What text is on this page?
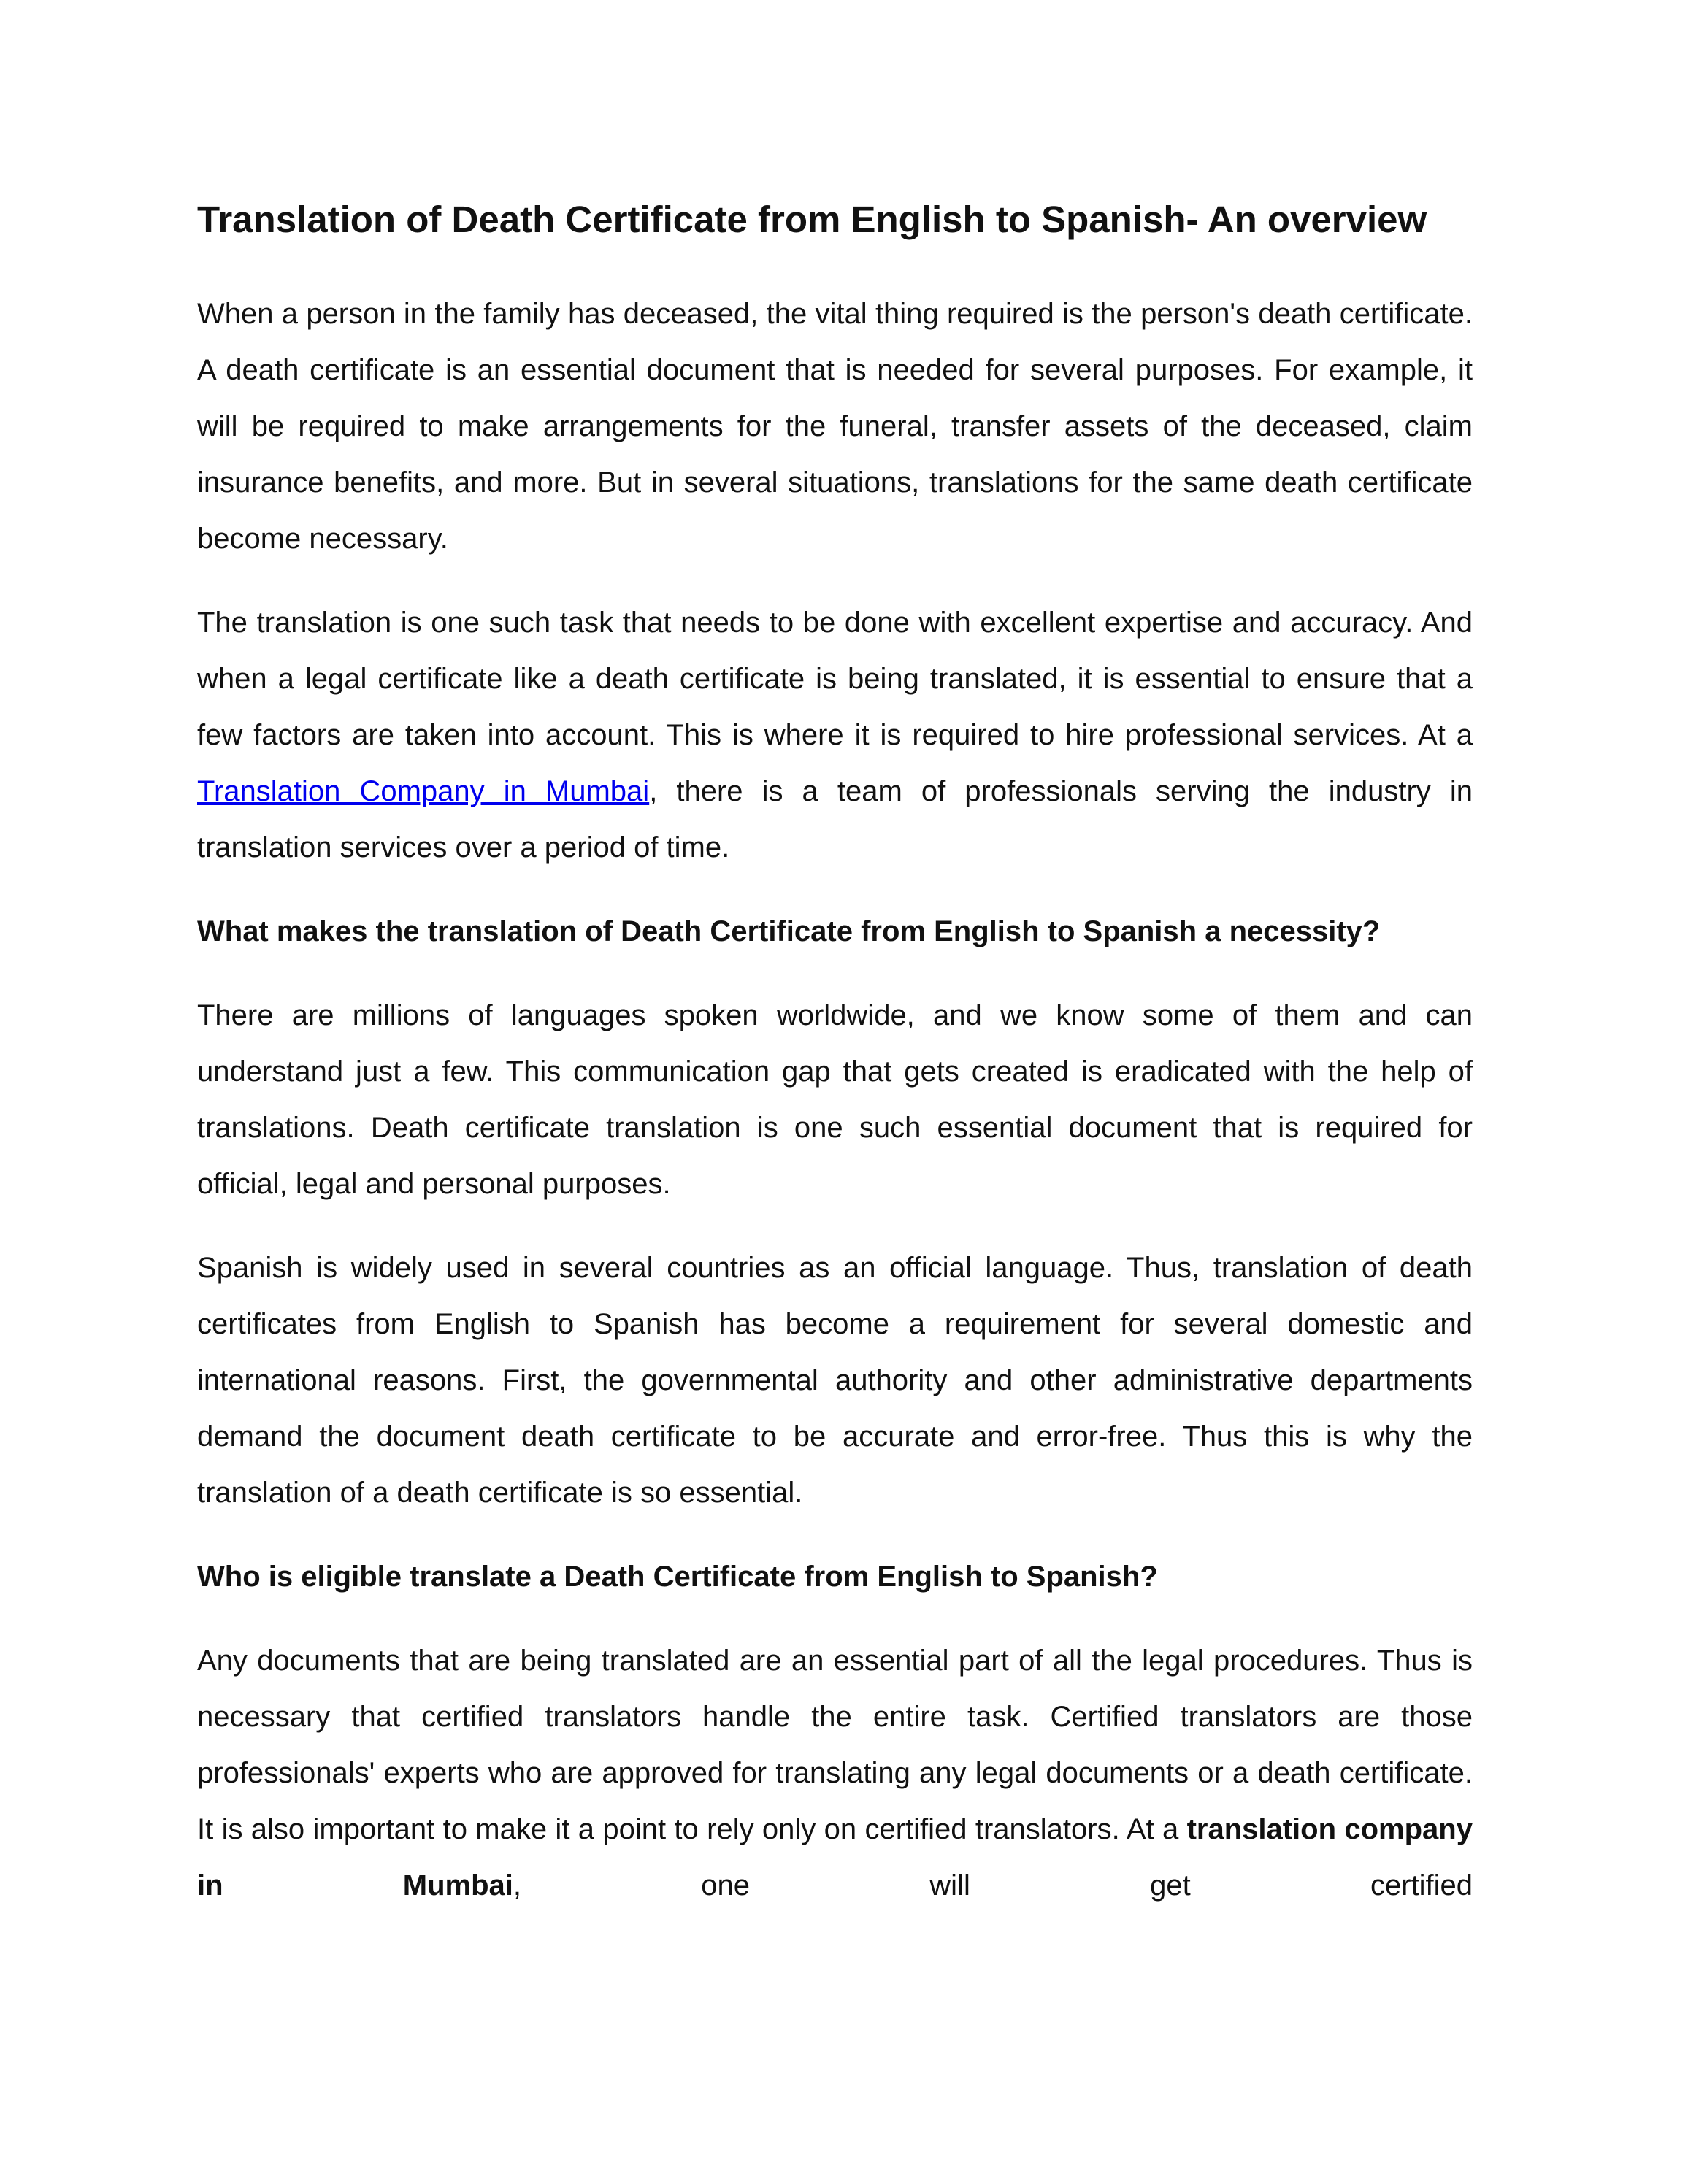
Translation of Death Certificate from English to Spanish- An overview

When a person in the family has deceased, the vital thing required is the person's death certificate. A death certificate is an essential document that is needed for several purposes. For example, it will be required to make arrangements for the funeral, transfer assets of the deceased, claim insurance benefits, and more. But in several situations, translations for the same death certificate become necessary.

The translation is one such task that needs to be done with excellent expertise and accuracy. And when a legal certificate like a death certificate is being translated, it is essential to ensure that a few factors are taken into account. This is where it is required to hire professional services. At a Translation Company in Mumbai, there is a team of professionals serving the industry in translation services over a period of time.

What makes the translation of Death Certificate from English to Spanish a necessity?

There are millions of languages spoken worldwide, and we know some of them and can understand just a few. This communication gap that gets created is eradicated with the help of translations. Death certificate translation is one such essential document that is required for official, legal and personal purposes.

Spanish is widely used in several countries as an official language. Thus, translation of death certificates from English to Spanish has become a requirement for several domestic and international reasons. First, the governmental authority and other administrative departments demand the document death certificate to be accurate and error-free. Thus this is why the translation of a death certificate is so essential.

Who is eligible translate a Death Certificate from English to Spanish?

Any documents that are being translated are an essential part of all the legal procedures. Thus is necessary that certified translators handle the entire task. Certified translators are those professionals' experts who are approved for translating any legal documents or a death certificate. It is also important to make it a point to rely only on certified translators. At a translation company in Mumbai, one will get certified
